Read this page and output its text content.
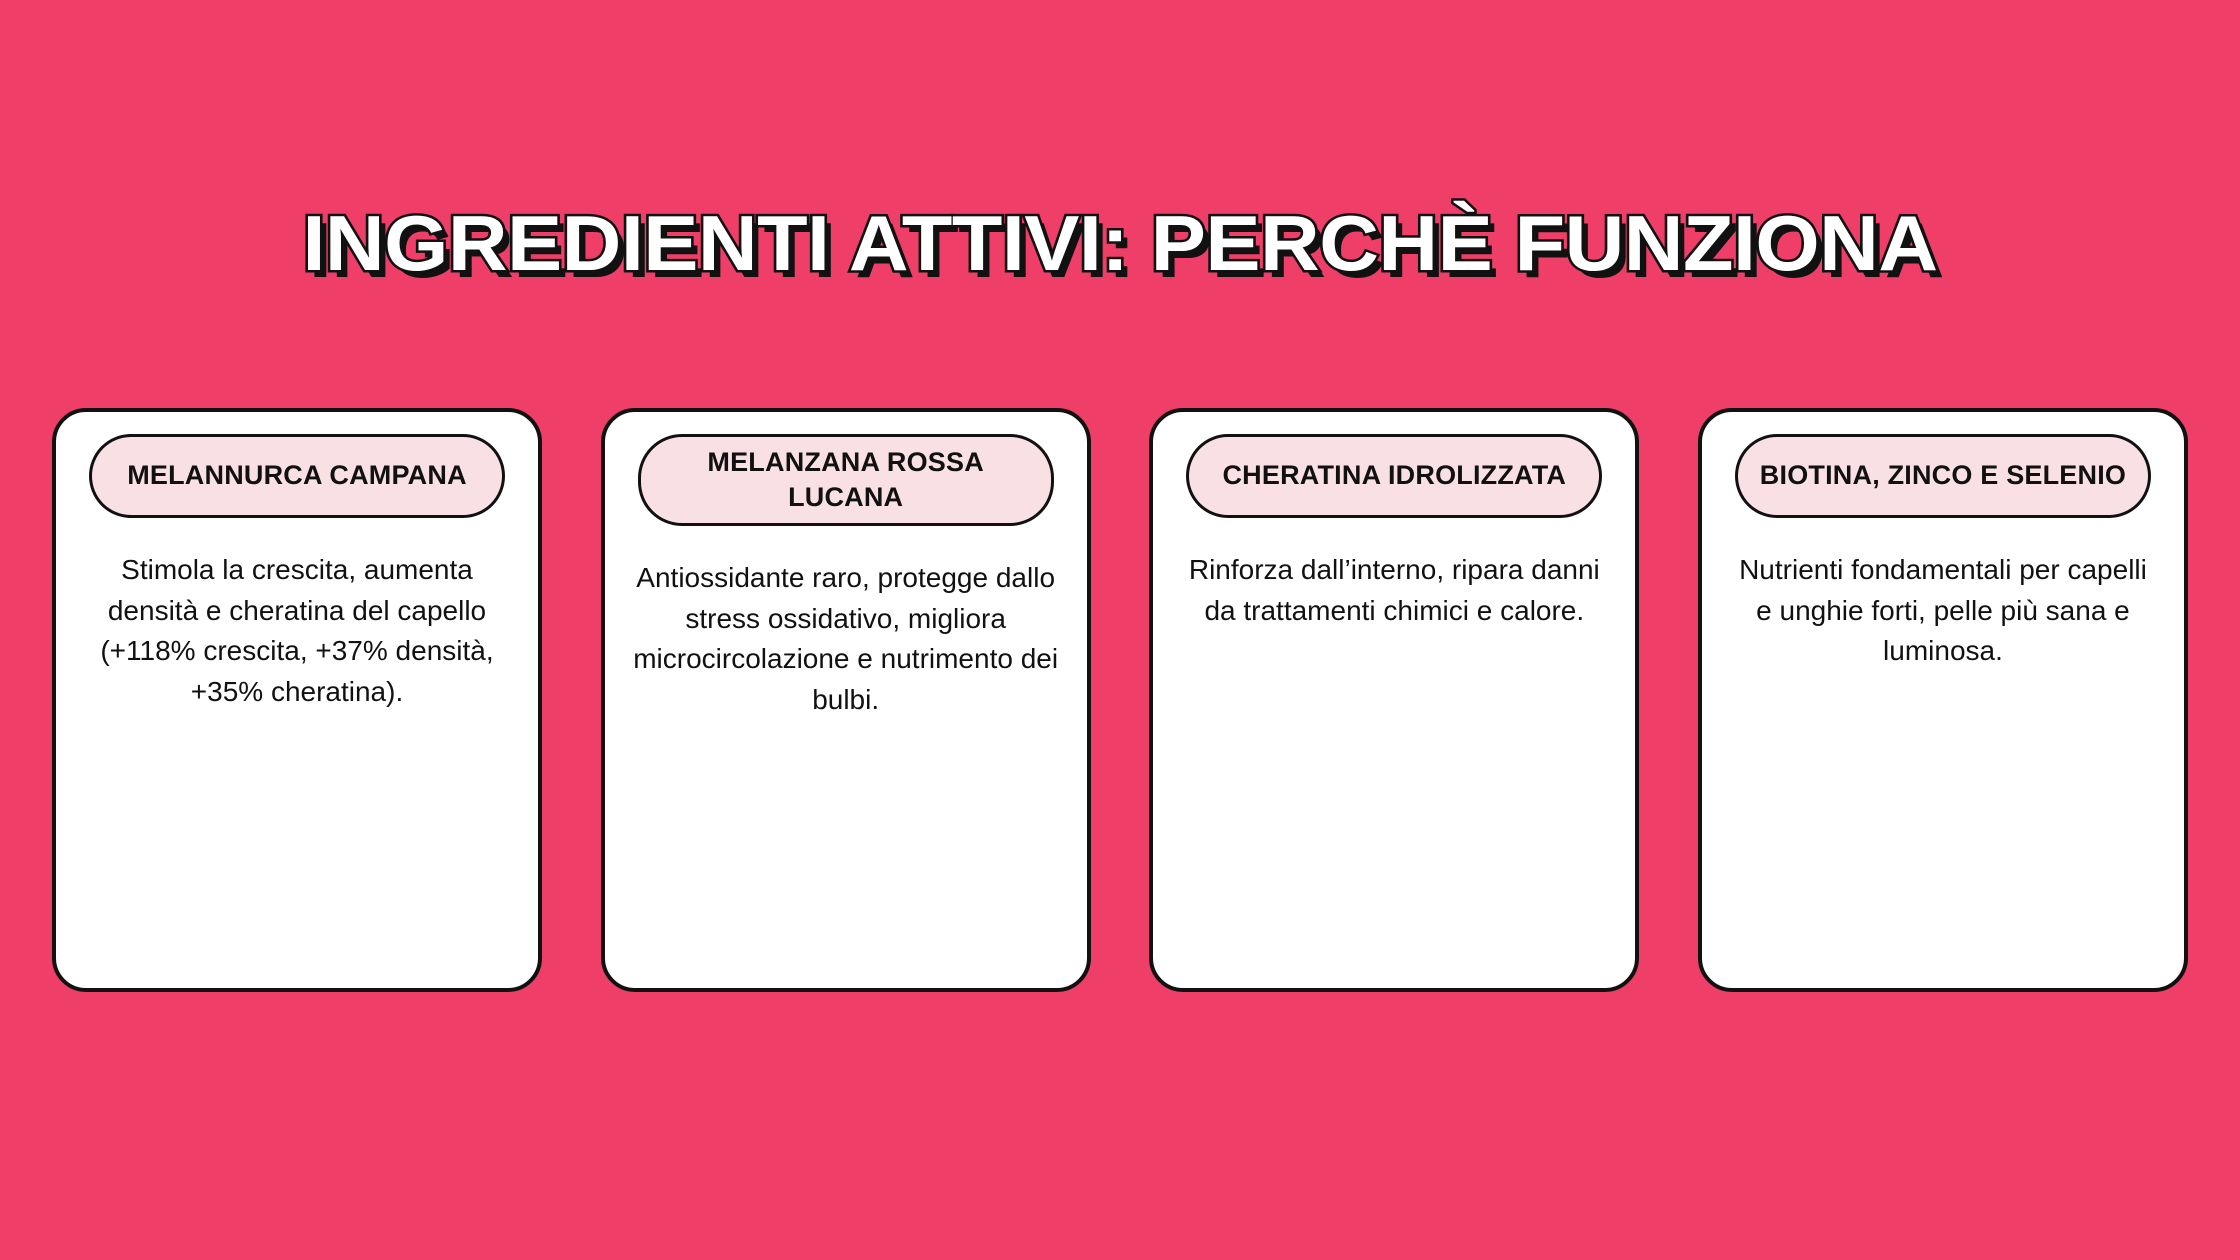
INGREDIENTI ATTIVI: PERCHÈ FUNZIONA
MELANNURCA CAMPANA
Stimola la crescita, aumenta densità e cheratina del capello (+118% crescita, +37% densità, +35% cheratina).
MELANZANA ROSSA LUCANA
Antiossidante raro, protegge dallo stress ossidativo, migliora microcircolazione e nutrimento dei bulbi.
CHERATINA IDROLIZZATA
Rinforza dall’interno, ripara danni da trattamenti chimici e calore.
BIOTINA, ZINCO E SELENIO
Nutrienti fondamentali per capelli e unghie forti, pelle più sana e luminosa.
